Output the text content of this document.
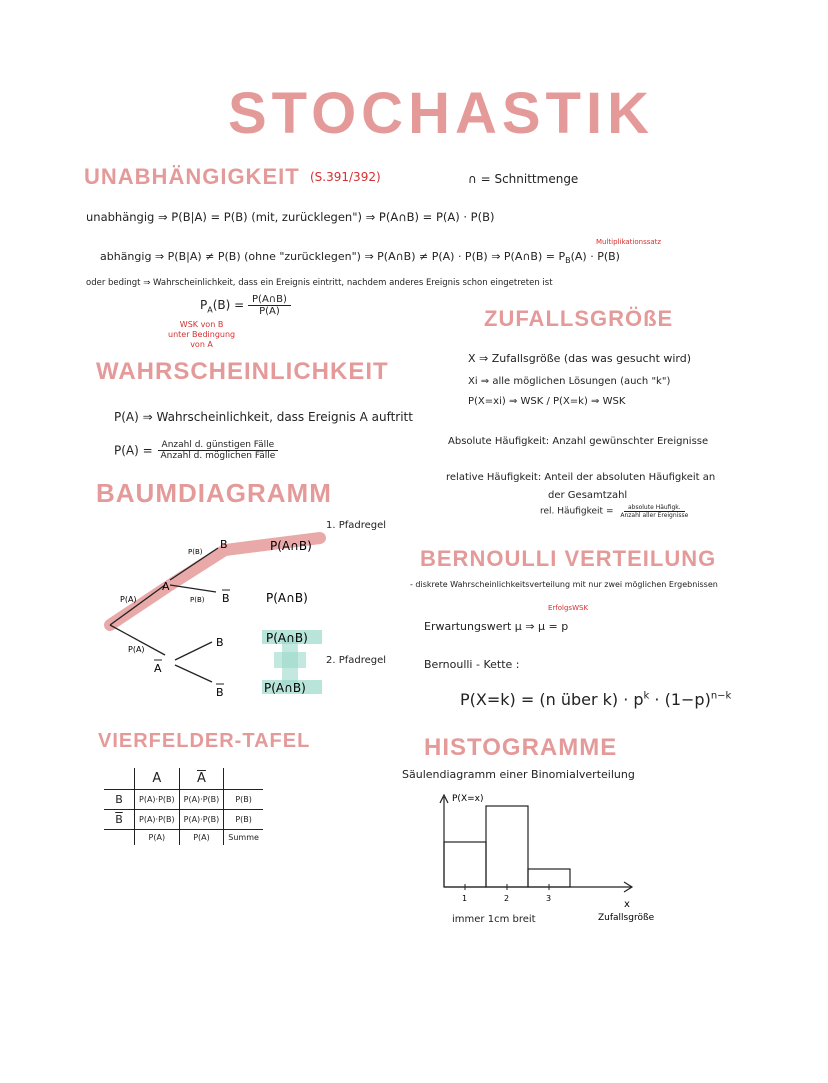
STOCHASTIK
UNABHÄNGIGKEIT (S.391/392)	∩ = Schnittmenge
unabhängig ⇒ P(B|A) = P(B) (mit, zurücklegen") ⇒ P(A∩B) = P(A) · P(B)
Multiplikationssatz
abhängig ⇒ P(B|A) ≠ P(B) (ohne "zurücklegen") ⇒ P(A∩B) ≠ P(A) · P(B) ⇒ P(A∩B) = $P_B(A) \cdot P(B)$
oder bedingt ⇒ Wahrscheinlichkeit, dass ein Ereignis eintritt, nachdem anderes Ereignis schon eingetreten ist
$P_A(B) = \frac{P(A\cap B)}{P(A)}$
WSK von B
unter Bedingung
von A
WAHRSCHEINLICHKEIT
P(A) ⇒ Wahrscheinlichkeit, dass Ereignis A auftritt
$P(A) = \frac{\text{Anzahl d. günstigen Fälle}}{\text{Anzahl d. möglichen Fälle}}$
BAUMDIAGRAMM
1. Pfadregel
P(A)
P(A)
P(B)
P(B)
A
A
B
B
B
B
P(A∩B)
P(A∩B)
P(A∩B)
P(A∩B)
2. Pfadregel
VIERFELDER-TAFEL
	A	$\overline{A}$	
B	P(A)·P(B)	P(A)·P(B)	P(B)
$\overline{B}$	P(A)·P(B)	P(A)·P(B)	P(B)
	P(A)	P(A)	Summe
ZUFALLSGRÖßE
X ⇒ Zufallsgröße (das was gesucht wird)
Xi ⇒ alle möglichen Lösungen (auch "k")
P(X=xi) ⇒ WSK / P(X=k) ⇒ WSK
Absolute Häufigkeit: Anzahl gewünschter Ereignisse
relative Häufigkeit: Anteil der absoluten Häufigkeit an
der Gesamtzahl
rel. Häufigkeit = $\frac{\text{absolute Häufigk.}}{\text{Anzahl aller Ereignisse}}$
BERNOULLI VERTEILUNG
- diskrete Wahrscheinlichkeitsverteilung mit nur zwei möglichen Ergebnissen
ErfolgsWSK
Erwartungswert μ ⇒ μ = p
Bernoulli - Kette :
P(X=k) = (n über $k) \cdot p^k \cdot (1-p)^{n-k}$
HISTOGRAMME
Säulendiagramm einer Binomialverteilung
P(X=x)
1	2	3
x
Zufallsgröße
immer 1cm breit
